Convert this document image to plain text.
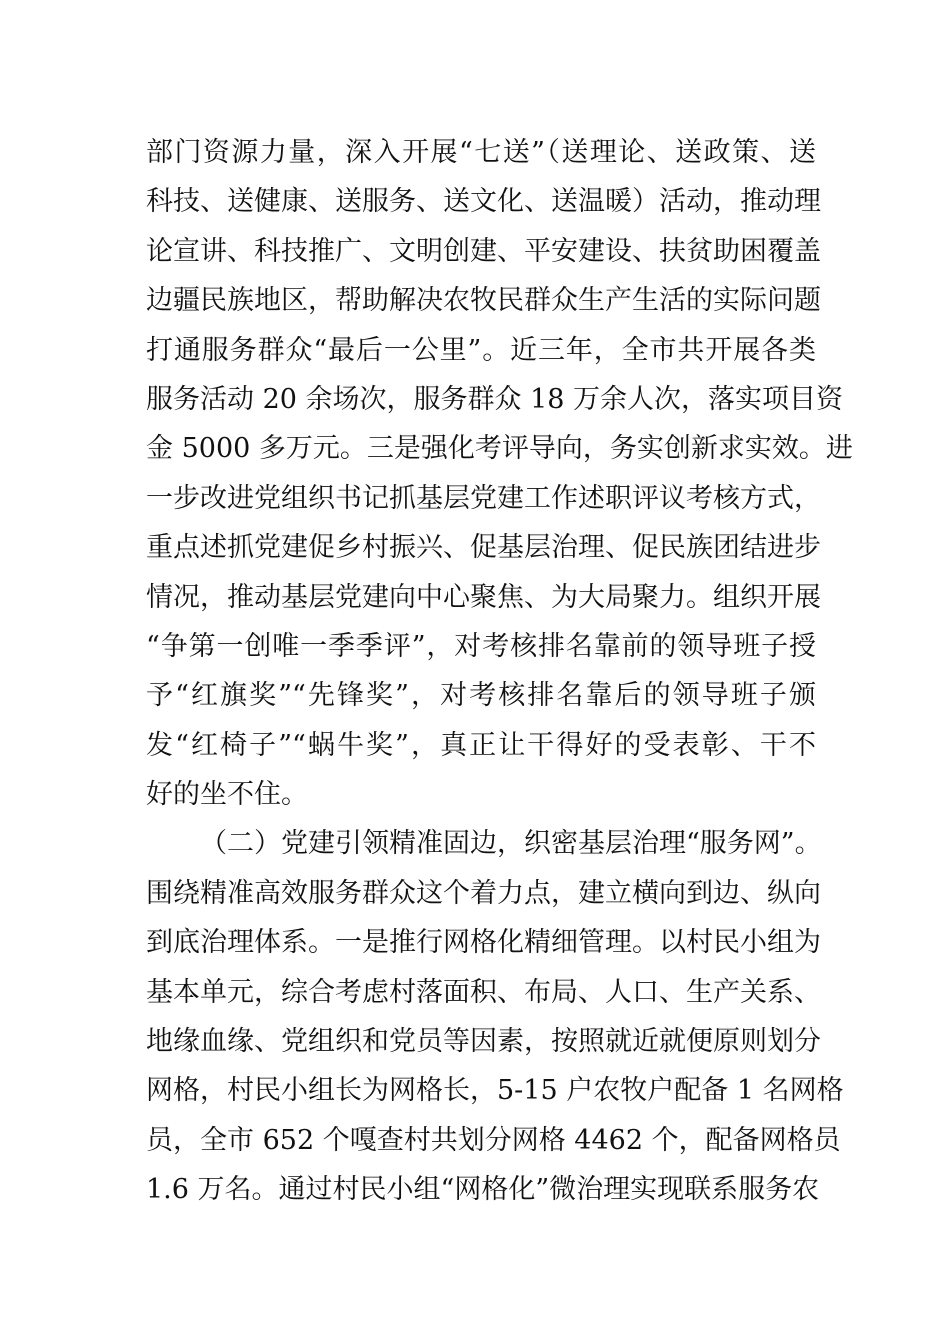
部门资源力量，深入开展“七送”（送理论、送政策、送
科技、送健康、送服务、送文化、送温暖）活动，推动理
论宣讲、科技推广、文明创建、平安建设、扶贫助困覆盖
边疆民族地区，帮助解决农牧民群众生产生活的实际问题
打通服务群众“最后一公里”。近三年，全市共开展各类
服务活动 20 余场次，服务群众 18 万余人次，落实项目资
金 5000 多万元。三是强化考评导向，务实创新求实效。进
一步改进党组织书记抓基层党建工作述职评议考核方式，
重点述抓党建促乡村振兴、促基层治理、促民族团结进步
情况，推动基层党建向中心聚焦、为大局聚力。组织开展
“争第一创唯一季季评”，对考核排名靠前的领导班子授
予“红旗奖”“先锋奖”，对考核排名靠后的领导班子颁
发“红椅子”“蜗牛奖”，真正让干得好的受表彰、干不
好的坐不住。
（二）党建引领精准固边，织密基层治理“服务网”。
围绕精准高效服务群众这个着力点，建立横向到边、纵向
到底治理体系。一是推行网格化精细管理。以村民小组为
基本单元，综合考虑村落面积、布局、人口、生产关系、
地缘血缘、党组织和党员等因素，按照就近就便原则划分
网格，村民小组长为网格长，5-15 户农牧户配备 1 名网格
员，全市 652 个嘎查村共划分网格 4462 个，配备网格员
1.6 万名。通过村民小组“网格化”微治理实现联系服务农
